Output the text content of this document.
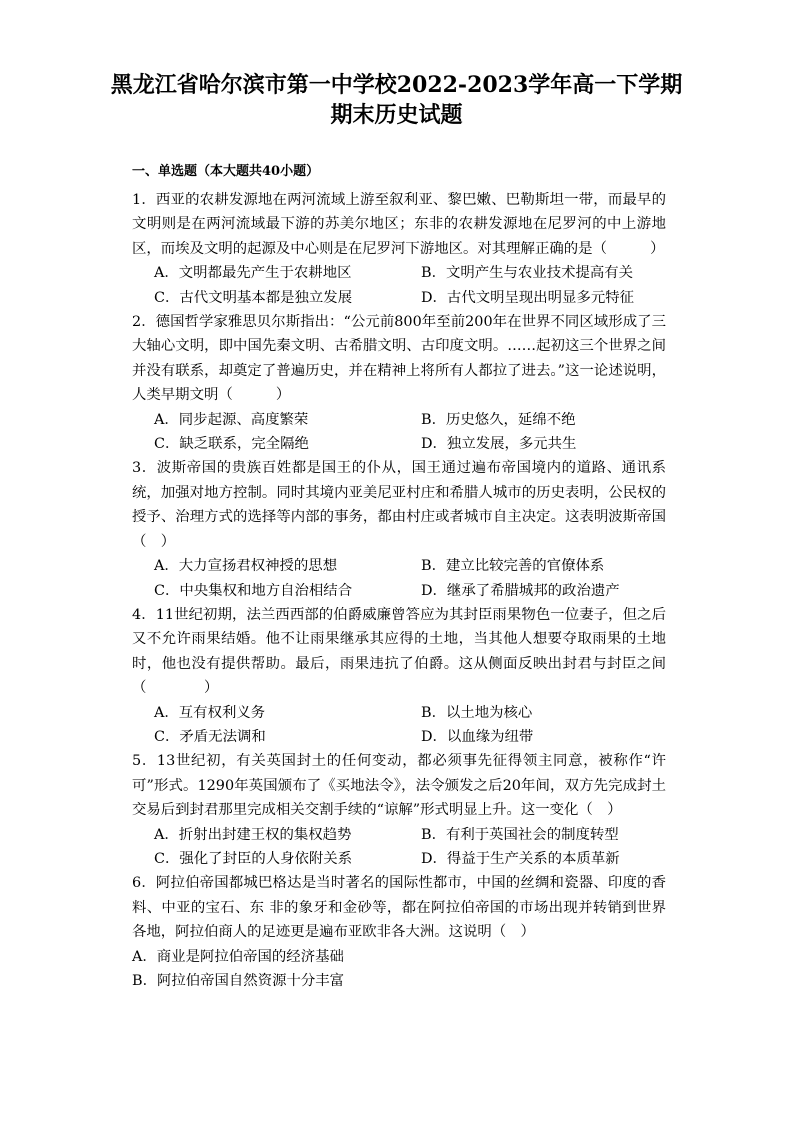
黑龙江省哈尔滨市第一中学校2022-2023学年高一下学期
期末历史试题
一、单选题（本大题共40小题）

1．西亚的农耕发源地在两河流域上游至叙利亚、黎巴嫩、巴勒斯坦一带，而最早的文明则是在两河流域最下游的苏美尔地区；东非的农耕发源地在尼罗河的中上游地区，而埃及文明的起源及中心则是在尼罗河下游地区。对其理解正确的是（　　　）

A．文明都最先产生于农耕地区	B．文明产生与农业技术提高有关
C．古代文明基本都是独立发展	D．古代文明呈现出明显多元特征

2．德国哲学家雅思贝尔斯指出：“公元前800年至前200年在世界不同区域形成了三大轴心文明，即中国先秦文明、古希腊文明、古印度文明。……起初这三个世界之间并没有联系，却奠定了普遍历史，并在精神上将所有人都拉了进去。”这一论述说明，人类早期文明（　　　）

A．同步起源、高度繁荣	B．历史悠久，延绵不绝
C．缺乏联系，完全隔绝	D．独立发展，多元共生

3．波斯帝国的贵族百姓都是国王的仆从，国王通过遍布帝国境内的道路、通讯系统，加强对地方控制。同时其境内亚美尼亚村庄和希腊人城市的历史表明，公民权的授予、治理方式的选择等内部的事务，都由村庄或者城市自主决定。这表明波斯帝国（　）

A．大力宣扬君权神授的思想	B．建立比较完善的官僚体系
C．中央集权和地方自治相结合	D．继承了希腊城邦的政治遗产

4．11世纪初期，法兰西西部的伯爵威廉曾答应为其封臣雨果物色一位妻子，但之后又不允许雨果结婚。他不让雨果继承其应得的土地，当其他人想要夺取雨果的土地时，他也没有提供帮助。最后，雨果违抗了伯爵。这从侧面反映出封君与封臣之间（　　　　）

A．互有权利义务	B．以土地为核心
C．矛盾无法调和	D．以血缘为纽带

5．13世纪初，有关英国封土的任何变动，都必须事先征得领主同意，被称作“许可”形式。1290年英国颁布了《买地法令》，法令颁发之后20年间，双方先完成封土交易后到封君那里完成相关交割手续的“谅解”形式明显上升。这一变化（　）

A．折射出封建王权的集权趋势	B．有利于英国社会的制度转型
C．强化了封臣的人身依附关系	D．得益于生产关系的本质革新

6．阿拉伯帝国都城巴格达是当时著名的国际性都市，中国的丝绸和瓷器、印度的香料、中亚的宝石、东 非的象牙和金砂等，都在阿拉伯帝国的市场出现并转销到世界各地，阿拉伯商人的足迹更是遍布亚欧非各大洲。这说明（　）

A．商业是阿拉伯帝国的经济基础
B．阿拉伯帝国自然资源十分丰富
